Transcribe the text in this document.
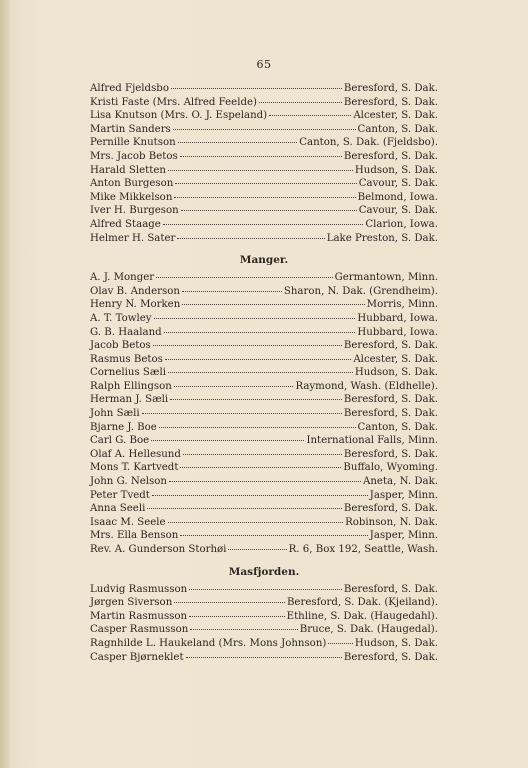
65
Alfred Fjeldsbo	Beresford, S. Dak.
Kristi Faste (Mrs. Alfred Feelde)	Beresford, S. Dak.
Lisa Knutson (Mrs. O. J. Espeland)	Alcester, S. Dak.
Martin Sanders	Canton, S. Dak.
Pernille Knutson	Canton, S. Dak. (Fjeldsbo).
Mrs. Jacob Betos	Beresford, S. Dak.
Harald Sletten	Hudson, S. Dak.
Anton Burgeson	Cavour, S. Dak.
Mike Mikkelson	Belmond, Iowa.
Iver H. Burgeson	Cavour, S. Dak.
Alfred Staage	Clarion, Iowa.
Helmer H. Sater	Lake Preston, S. Dak.
Manger.
A. J. Monger	Germantown, Minn.
Olav B. Anderson	Sharon, N. Dak. (Grendheim).
Henry N. Morken	Morris, Minn.
A. T. Towley	Hubbard, Iowa.
G. B. Haaland	Hubbard, Iowa.
Jacob Betos	Beresford, S. Dak.
Rasmus Betos	Alcester, S. Dak.
Cornelius Sæli	Hudson, S. Dak.
Ralph Ellingson	Raymond, Wash. (Eldhelle).
Herman J. Sæli	Beresford, S. Dak.
John Sæli	Beresford, S. Dak.
Bjarne J. Boe	Canton, S. Dak.
Carl G. Boe	International Falls, Minn.
Olaf A. Hellesund	Beresford, S. Dak.
Mons T. Kartvedt	Buffalo, Wyoming.
John G. Nelson	Aneta, N. Dak.
Peter Tvedt	Jasper, Minn.
Anna Seeli	Beresford, S. Dak.
Isaac M. Seele	Robinson, N. Dak.
Mrs. Ella Benson	Jasper, Minn.
Rev. A. Gunderson Storhøi	R. 6, Box 192, Seattle, Wash.
Masfjorden.
Ludvig Rasmusson	Beresford, S. Dak.
Jørgen Siverson	Beresford, S. Dak. (Kjeiland).
Martin Rasmusson	Ethline, S. Dak. (Haugedahl).
Casper Rasmusson	Bruce, S. Dak. (Haugedal).
Ragnhilde L. Haukeland (Mrs. Mons Johnson)	Hudson, S. Dak.
Casper Bjørneklet	Beresford, S. Dak.
